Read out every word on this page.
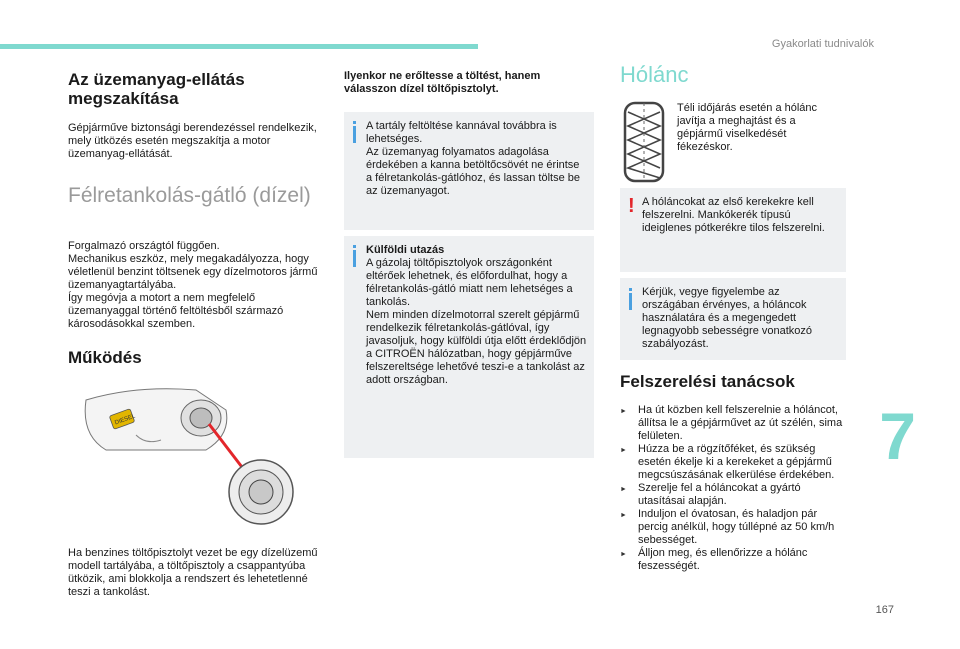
Gyakorlati tudnivalók
7
167
Az üzemanyag-ellátás megszakítása

Gépjárműve biztonsági berendezéssel rendelkezik, mely ütközés esetén megszakítja a motor üzemanyag-ellátását.

Félretankolás-gátló (dízel)

Forgalmazó országtól függően.
Mechanikus eszköz, mely megakadályozza, hogy véletlenül benzint töltsenek egy dízelmotoros jármű üzemanyagtartályába.
Így megóvja a motort a nem megfelelő üzemanyaggal történő feltöltésből származó károsodásokkal szemben.

Működés
DIESEL

Ha benzines töltőpisztolyt vezet be egy dízelüzemű modell tartályába, a töltőpisztoly a csappantyúba ütközik, ami blokkolja a rendszert és lehetetlenné teszi a tankolást.

Ilyenkor ne erőltesse a töltést, hanem válasszon dízel töltőpisztolyt.

A tartály feltöltése kannával továbbra is lehetséges.
Az üzemanyag folyamatos adagolása érdekében a kanna betöltőcsövét ne érintse a félretankolás-gátlóhoz, és lassan töltse be az üzemanyagot.
Külföldi utazás
A gázolaj töltőpisztolyok országonként eltérőek lehetnek, és előfordulhat, hogy a félretankolás-gátló miatt nem lehetséges a tankolás.
Nem minden dízelmotorral szerelt gépjármű rendelkezik félretankolás-gátlóval, így javasoljuk, hogy külföldi útja előtt érdeklődjön a CITROËN hálózatban, hogy gépjárműve felszereltsége lehetővé teszi-e a tankolást az adott országban.
Hólánc

Téli időjárás esetén a hólánc javítja a meghajtást és a gépjármű viselkedését fékezéskor.

! A hóláncokat az első kerekekre kell felszerelni. Mankókerék típusú ideiglenes pótkerékre tilos felszerelni.
Kérjük, vegye figyelembe az országában érvényes, a hóláncok használatára és a megengedett legnagyobb sebességre vonatkozó szabályozást.
Felszerelési tanácsok
► Ha út közben kell felszerelnie a hóláncot, állítsa le a gépjárművet az út szélén, sima felületen.
► Húzza be a rögzítőféket, és szükség esetén ékelje ki a kerekeket a gépjármű megcsúszásának elkerülése érdekében.
► Szerelje fel a hóláncokat a gyártó utasításai alapján.
► Induljon el óvatosan, és haladjon pár percig anélkül, hogy túllépné az 50 km/h sebességet.
► Álljon meg, és ellenőrizze a hólánc feszességét.
